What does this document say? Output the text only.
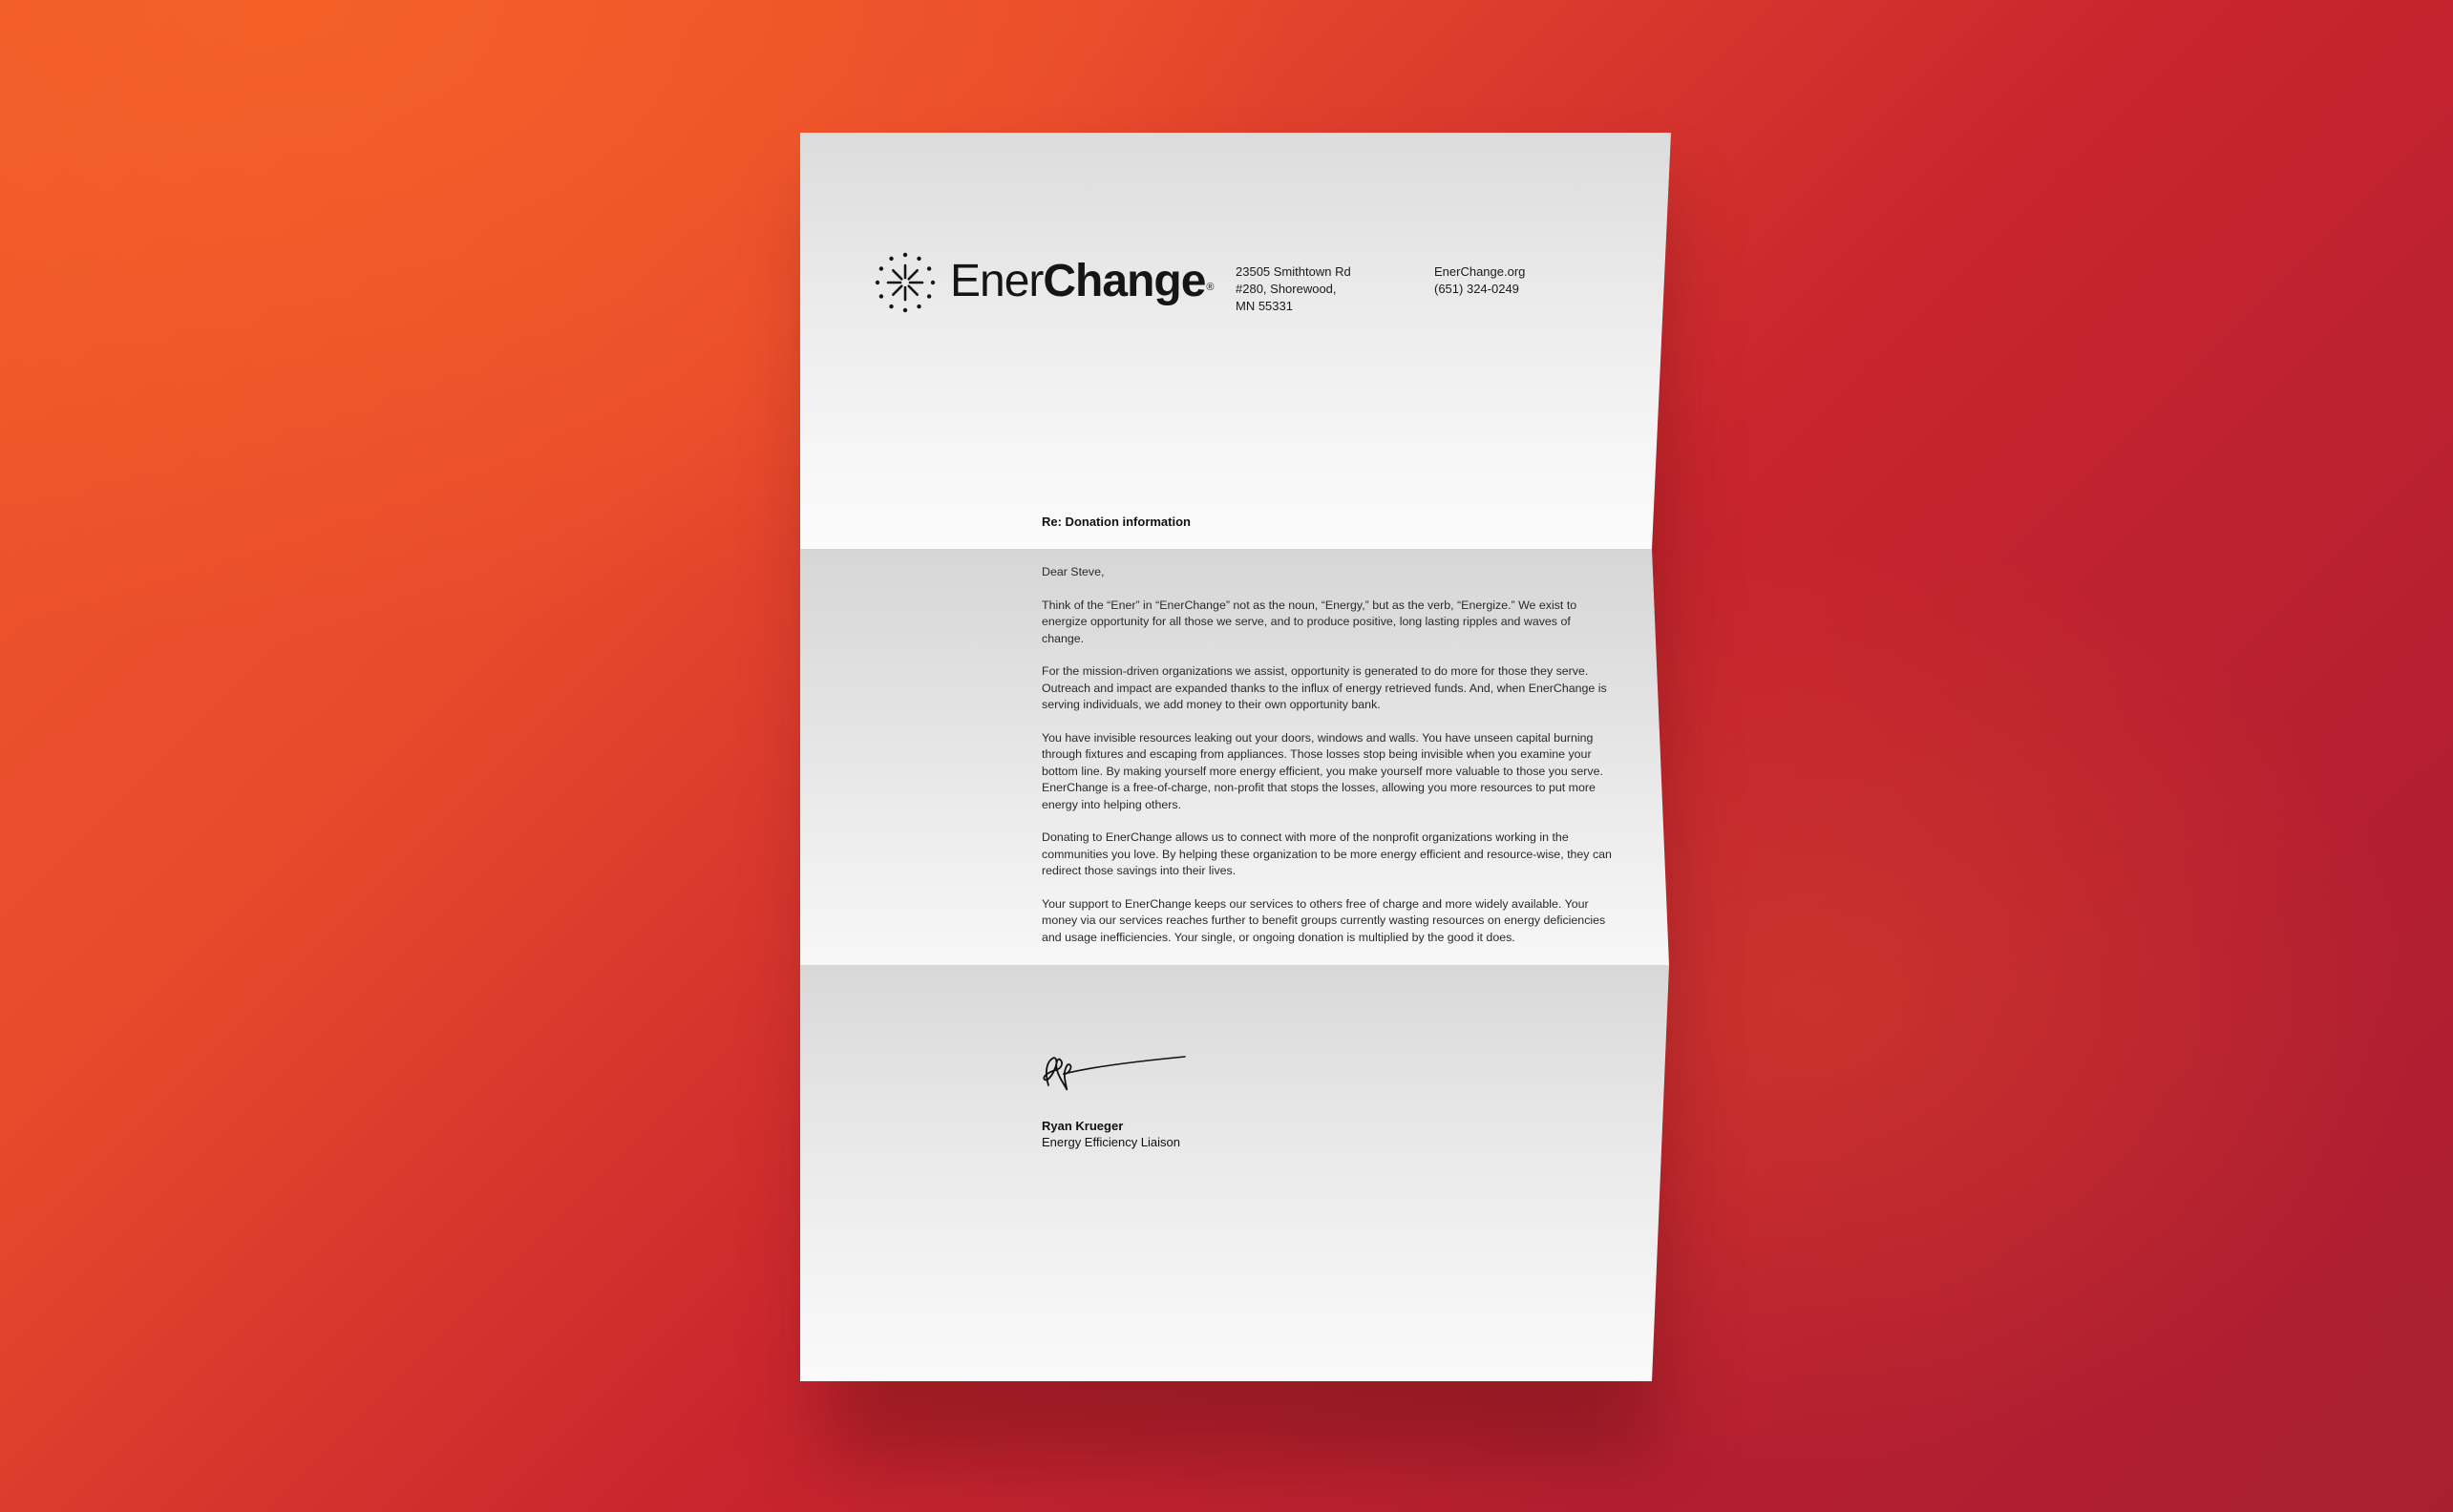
EnerChange®
23505 Smithtown Rd
#280, Shorewood,
MN 55331
EnerChange.org
(651) 324-0249
Re: Donation information

Dear Steve,

Think of the “Ener” in “EnerChange” not as the noun, “Energy,” but as the verb, “Energize.” We exist to energize opportunity for all those we serve, and to produce positive, long lasting ripples and waves of change.

For the mission-driven organizations we assist, opportunity is generated to do more for those they serve. Outreach and impact are expanded thanks to the influx of energy retrieved funds. And, when EnerChange is serving individuals, we add money to their own opportunity bank.

You have invisible resources leaking out your doors, windows and walls. You have unseen capital burning through fixtures and escaping from appliances. Those losses stop being invisible when you examine your bottom line. By making yourself more energy efficient, you make yourself more valuable to those you serve. EnerChange is a free-of-charge, non-profit that stops the losses, allowing you more resources to put more energy into helping others.

Donating to EnerChange allows us to connect with more of the nonprofit organizations working in the communities you love. By helping these organization to be more energy efficient and resource-wise, they can redirect those savings into their lives.

Your support to EnerChange keeps our services to others free of charge and more widely available. Your money via our services reaches further to benefit groups currently wasting resources on energy deficiencies and usage inefficiencies. Your single, or ongoing donation is multiplied by the good it does.

Ryan Krueger
Energy Efficiency Liaison
